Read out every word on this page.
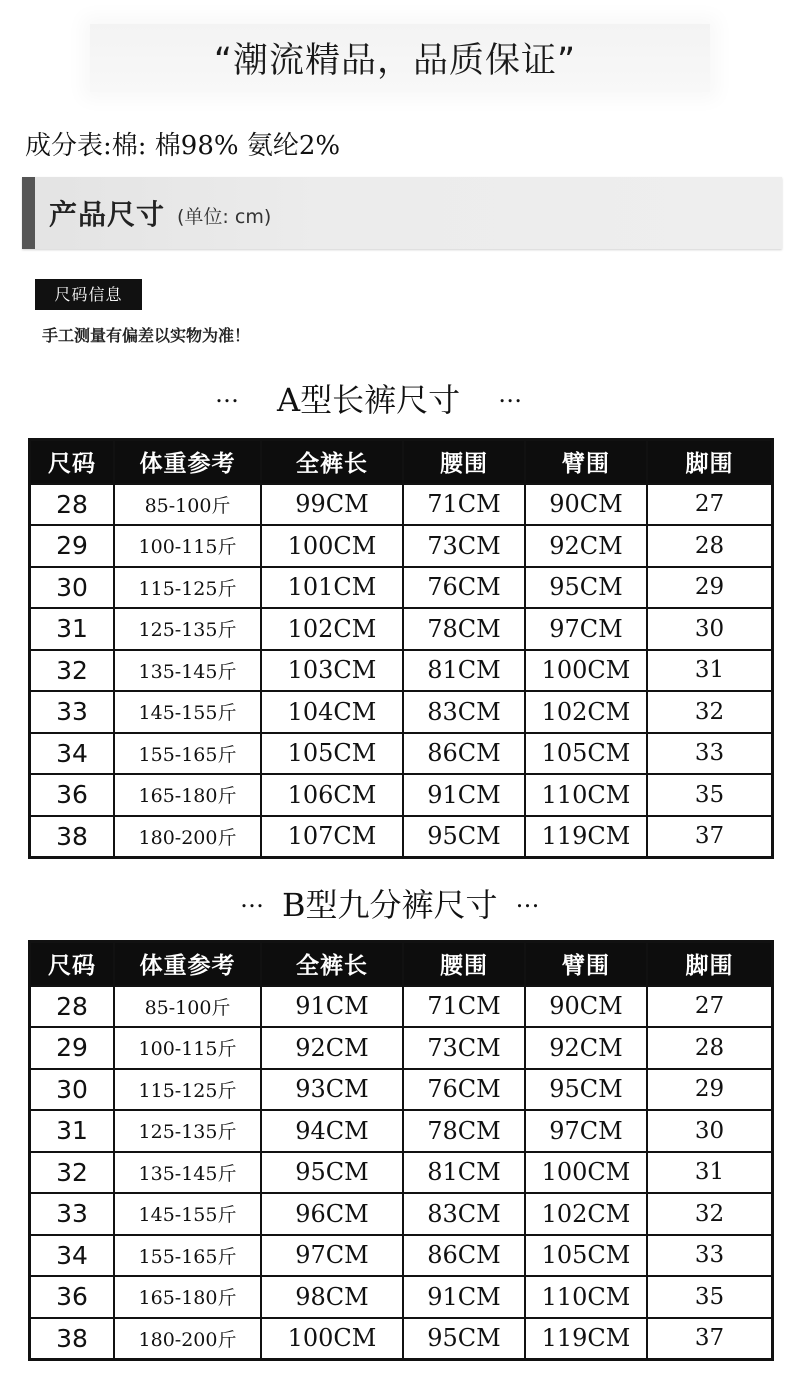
“潮流精品，品质保证”
成分表:棉: 棉98% 氨纶2%
产品尺寸 (单位: cm)
尺码信息
手工测量有偏差以实物为准！
… A型长裤尺寸 …
尺码	体重参考	全裤长	腰围	臂围	脚围
28	85-100斤	99CM	71CM	90CM	27
29	100-115斤	100CM	73CM	92CM	28
30	115-125斤	101CM	76CM	95CM	29
31	125-135斤	102CM	78CM	97CM	30
32	135-145斤	103CM	81CM	100CM	31
33	145-155斤	104CM	83CM	102CM	32
34	155-165斤	105CM	86CM	105CM	33
36	165-180斤	106CM	91CM	110CM	35
38	180-200斤	107CM	95CM	119CM	37
… B型九分裤尺寸 …
尺码	体重参考	全裤长	腰围	臂围	脚围
28	85-100斤	91CM	71CM	90CM	27
29	100-115斤	92CM	73CM	92CM	28
30	115-125斤	93CM	76CM	95CM	29
31	125-135斤	94CM	78CM	97CM	30
32	135-145斤	95CM	81CM	100CM	31
33	145-155斤	96CM	83CM	102CM	32
34	155-165斤	97CM	86CM	105CM	33
36	165-180斤	98CM	91CM	110CM	35
38	180-200斤	100CM	95CM	119CM	37
